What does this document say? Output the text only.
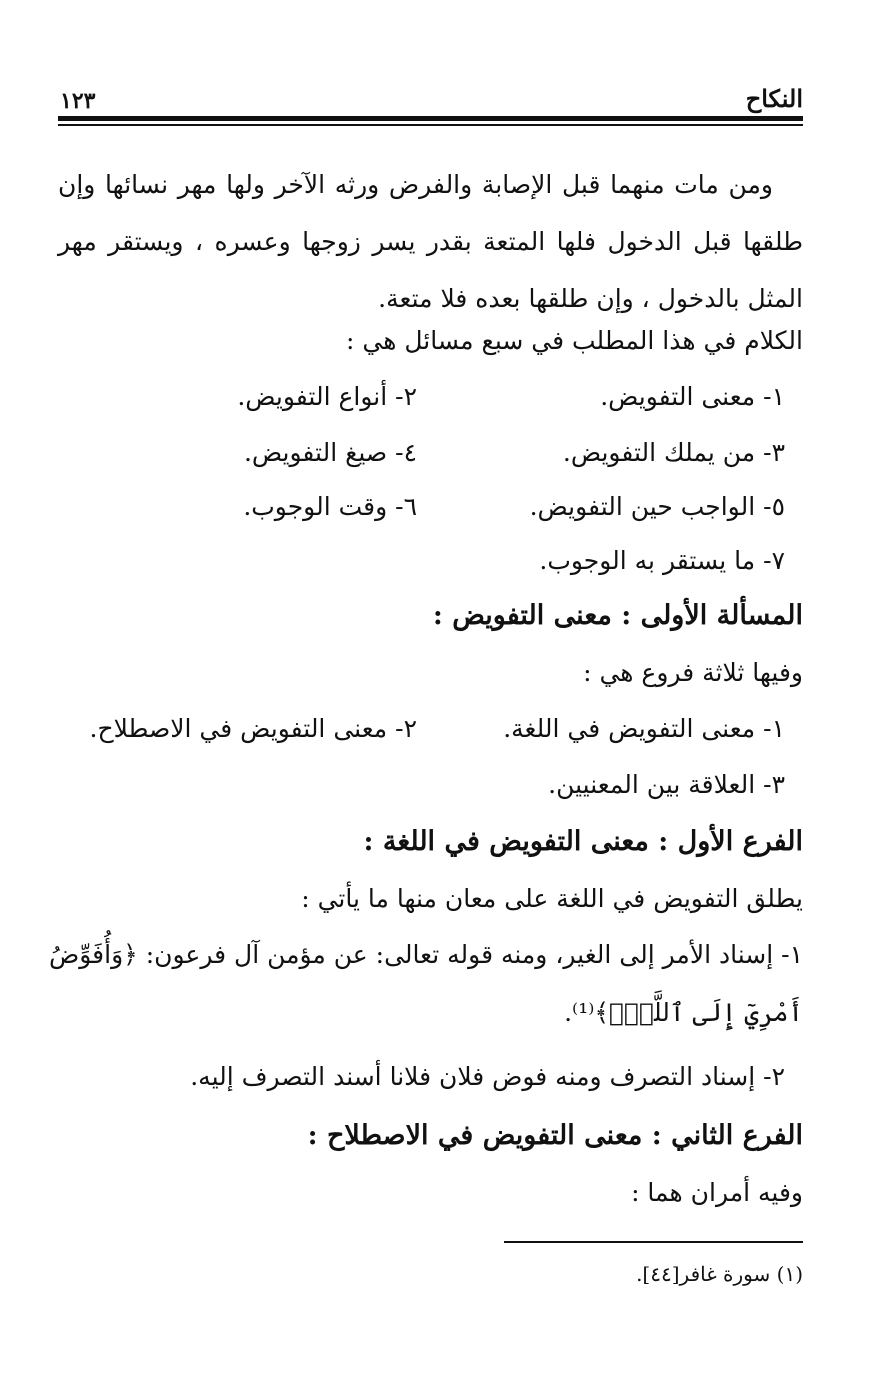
النكاح
١٢٣
ومن مات منهما قبل الإصابة والفرض ورثه الآخر ولها مهر نسائها وإن طلقها قبل الدخول فلها المتعة بقدر يسر زوجها وعسره ، ويستقر مهر المثل بالدخول ، وإن طلقها بعده فلا متعة.
الكلام في هذا المطلب في سبع مسائل هي :
١- معنى التفويض.
٢- أنواع التفويض.
٣- من يملك التفويض.
٤- صيغ التفويض.
٥- الواجب حين التفويض.
٦- وقت الوجوب.
٧- ما يستقر به الوجوب.
المسألة الأولى : معنى التفويض :
وفيها ثلاثة فروع هي :
١- معنى التفويض في اللغة.
٢- معنى التفويض في الاصطلاح.
٣- العلاقة بين المعنيين.
الفرع الأول : معنى التفويض في اللغة :
يطلق التفويض في اللغة على معان منها ما يأتي :
١- إسناد الأمر إلى الغير، ومنه قوله تعالى: عن مؤمن آل فرعون: ﴿وَأُفَوِّضُ
أَمْرِيٓ إِلَى ٱللَّهِۚ﴾⁽¹⁾.
٢- إسناد التصرف ومنه فوض فلان فلانا أسند التصرف إليه.
الفرع الثاني : معنى التفويض في الاصطلاح :
وفيه أمران هما :
(١) سورة غافر[٤٤].
